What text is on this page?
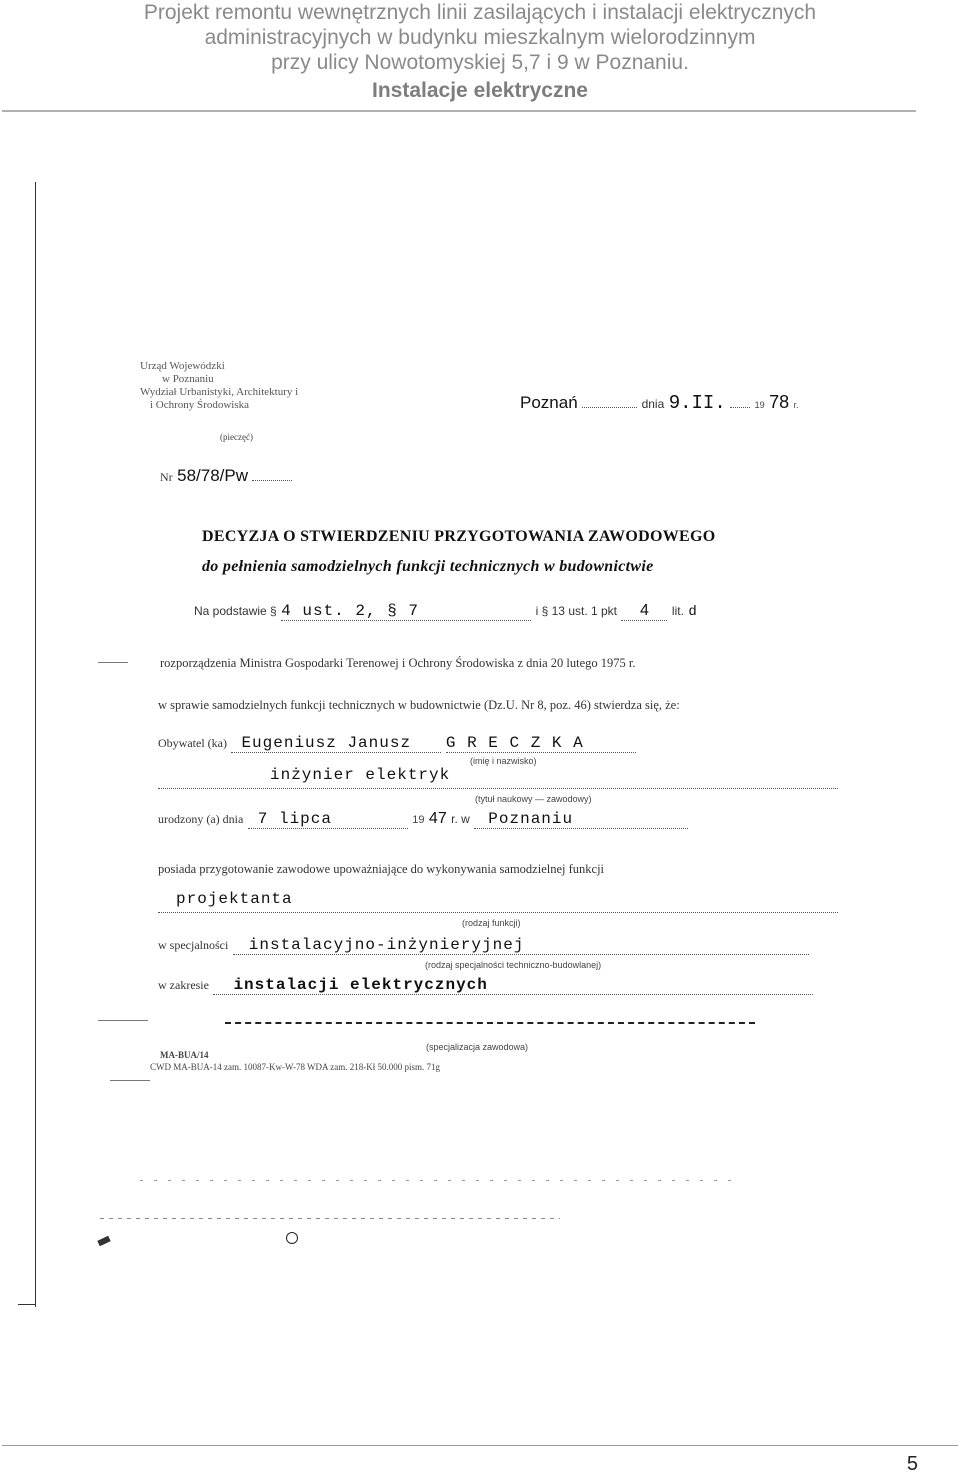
Projekt remontu wewnętrznych linii zasilających i instalacji elektrycznych
administracyjnych w budynku mieszkalnym wielorodzinnym
przy ulicy Nowotomyskiej 5,7 i 9 w Poznaniu.
Instalacje elektryczne
Urząd Wojewódzki
w Poznaniu
Wydział Urbanistyki, Architektury i
i Ochrony Środowiska
(pieczęć)
Poznań	dnia 9.II.	19 78 r.
Nr 58/78/Pw
DECYZJA O STWIERDZENIU PRZYGOTOWANIA ZAWODOWEGO
do pełnienia samodzielnych funkcji technicznych w budownictwie
Na podstawie § 4 ust. 2, § 7	i § 13 ust. 1 pkt 4 lit. d
rozporządzenia Ministra Gospodarki Terenowej i Ochrony Środowiska z dnia 20 lutego 1975 r.
w sprawie samodzielnych funkcji technicznych w budownictwie (Dz.U. Nr 8, poz. 46) stwierdza się, że:
Obywatel (ka) Eugeniusz Janusz G R E C Z K A
(imię i nazwisko)
inżynier elektryk
(tytuł naukowy — zawodowy)
urodzony (a) dnia 7 lipca	19 47 r. w Poznaniu
posiada przygotowanie zawodowe upoważniające do wykonywania samodzielnej funkcji
projektanta
(rodzaj funkcji)
w specjalności instalacyjno-inżynieryjnej
(rodzaj specjalności techniczno-budowlanej)
w zakresie instalacji elektrycznych
(specjalizacja zawodowa)
MA-BUA/14
CWD MA-BUA-14 zam. 10087-Kw-W-78 WDA zam. 218-Kł 50.000 pism. 71g
5
